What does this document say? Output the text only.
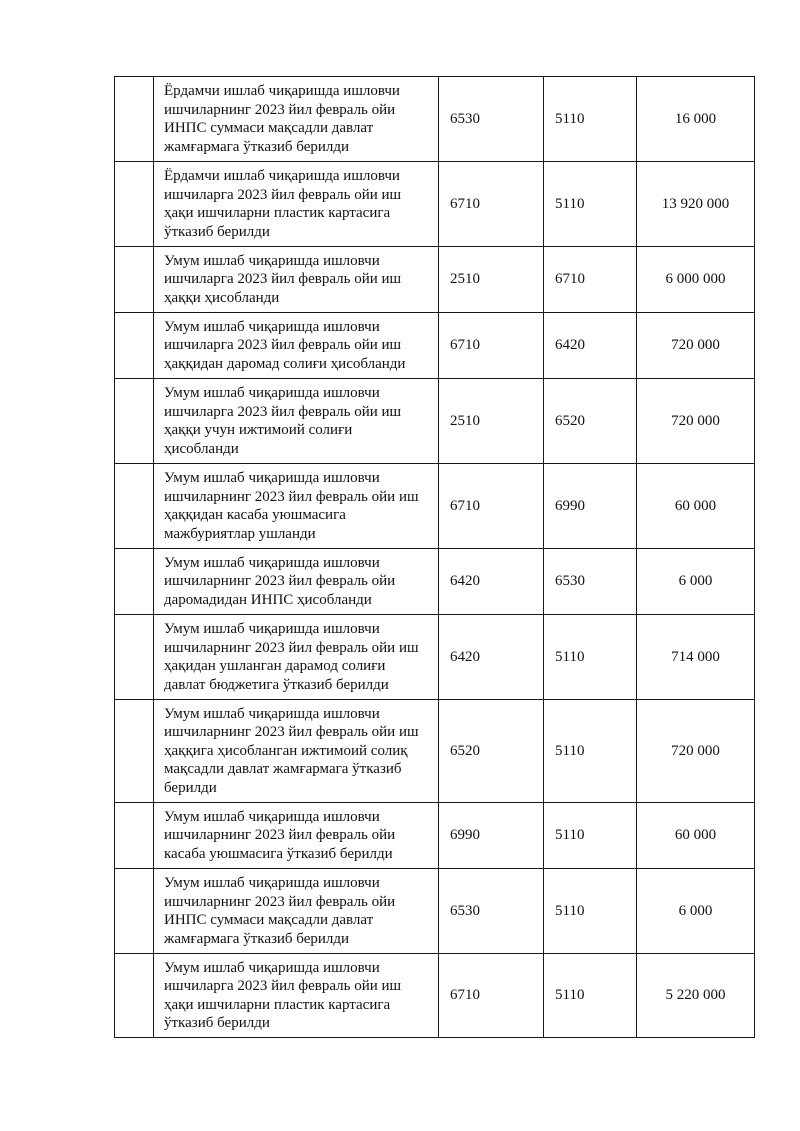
	Ёрдамчи ишлаб чиқаришда ишловчи ишчиларнинг 2023 йил февраль ойи ИНПС суммаси мақсадли давлат жамғармага ўтказиб берилди	6530	5110	16 000
	Ёрдамчи ишлаб чиқаришда ишловчи ишчиларга 2023 йил февраль ойи иш ҳақи ишчиларни пластик картасига ўтказиб берилди	6710	5110	13 920 000
	Умум ишлаб чиқаришда ишловчи ишчиларга 2023 йил февраль ойи иш ҳаққи ҳисобланди	2510	6710	6 000 000
	Умум ишлаб чиқаришда ишловчи ишчиларга 2023 йил февраль ойи иш ҳаққидан даромад солиғи ҳисобланди	6710	6420	720 000
	Умум ишлаб чиқаришда ишловчи ишчиларга 2023 йил февраль ойи иш ҳаққи учун ижтимоий солиғи ҳисобланди	2510	6520	720 000
	Умум ишлаб чиқаришда ишловчи ишчиларнинг 2023 йил февраль ойи иш ҳаққидан касаба уюшмасига мажбуриятлар ушланди	6710	6990	60 000
	Умум ишлаб чиқаришда ишловчи ишчиларнинг 2023 йил февраль ойи даромадидан ИНПС ҳисобланди	6420	6530	6 000
	Умум ишлаб чиқаришда ишловчи ишчиларнинг 2023 йил февраль ойи иш ҳақидан ушланган дарамод солиғи давлат бюджетига ўтказиб берилди	6420	5110	714 000
	Умум ишлаб чиқаришда ишловчи ишчиларнинг 2023 йил февраль ойи иш ҳаққига ҳисобланган ижтимоий солиқ мақсадли давлат жамғармага ўтказиб берилди	6520	5110	720 000
	Умум ишлаб чиқаришда ишловчи ишчиларнинг 2023 йил февраль ойи касаба уюшмасига ўтказиб берилди	6990	5110	60 000
	Умум ишлаб чиқаришда ишловчи ишчиларнинг 2023 йил февраль ойи ИНПС суммаси мақсадли давлат жамғармага ўтказиб берилди	6530	5110	6 000
	Умум ишлаб чиқаришда ишловчи ишчиларга 2023 йил февраль ойи иш ҳақи ишчиларни пластик картасига ўтказиб берилди	6710	5110	5 220 000
